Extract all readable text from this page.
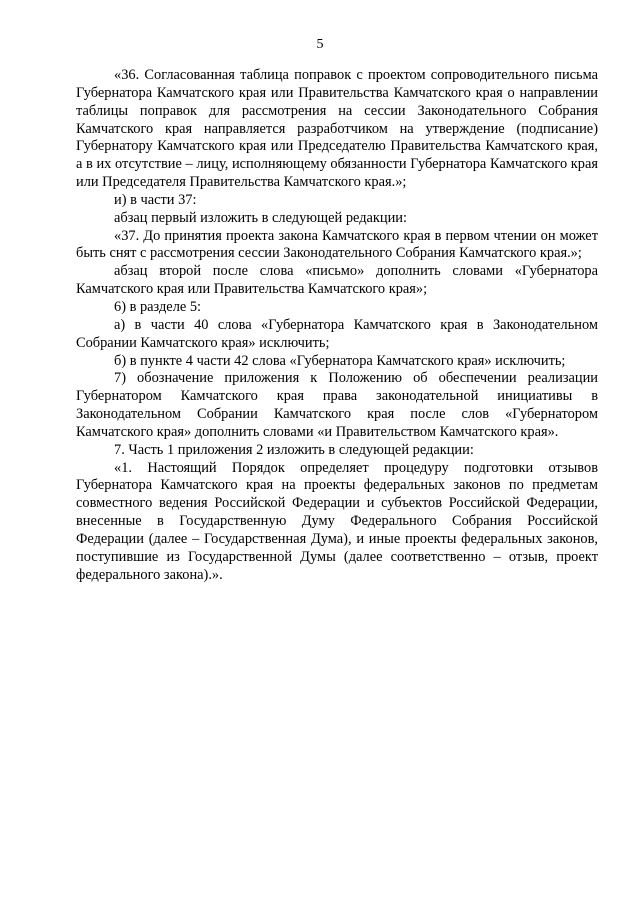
5

«36. Согласованная таблица поправок с проектом сопроводительного письма Губернатора Камчатского края или Правительства Камчатского края о направлении таблицы поправок для рассмотрения на сессии Законодательного Собрания Камчатского края направляется разработчиком на утверждение (подписание) Губернатору Камчатского края или Председателю Правительства Камчатского края, а в их отсутствие – лицу, исполняющему обязанности Губернатора Камчатского края или Председателя Правительства Камчатского края.»;

и) в части 37:

абзац первый изложить в следующей редакции:

«37. До принятия проекта закона Камчатского края в первом чтении он может быть снят с рассмотрения сессии Законодательного Собрания Камчатского края.»;

абзац второй после слова «письмо» дополнить словами «Губернатора Камчатского края или Правительства Камчатского края»;

6) в разделе 5:

а) в части 40 слова «Губернатора Камчатского края в Законодательном Собрании Камчатского края» исключить;

б) в пункте 4 части 42 слова «Губернатора Камчатского края» исключить;

7) обозначение приложения к Положению об обеспечении реализации Губернатором Камчатского края права законодательной инициативы в Законодательном Собрании Камчатского края после слов «Губернатором Камчатского края» дополнить словами «и Правительством Камчатского края».

7. Часть 1 приложения 2 изложить в следующей редакции:

«1. Настоящий Порядок определяет процедуру подготовки отзывов Губернатора Камчатского края на проекты федеральных законов по предметам совместного ведения Российской Федерации и субъектов Российской Федерации, внесенные в Государственную Думу Федерального Собрания Российской Федерации (далее – Государственная Дума), и иные проекты федеральных законов, поступившие из Государственной Думы (далее соответственно – отзыв, проект федерального закона).».
